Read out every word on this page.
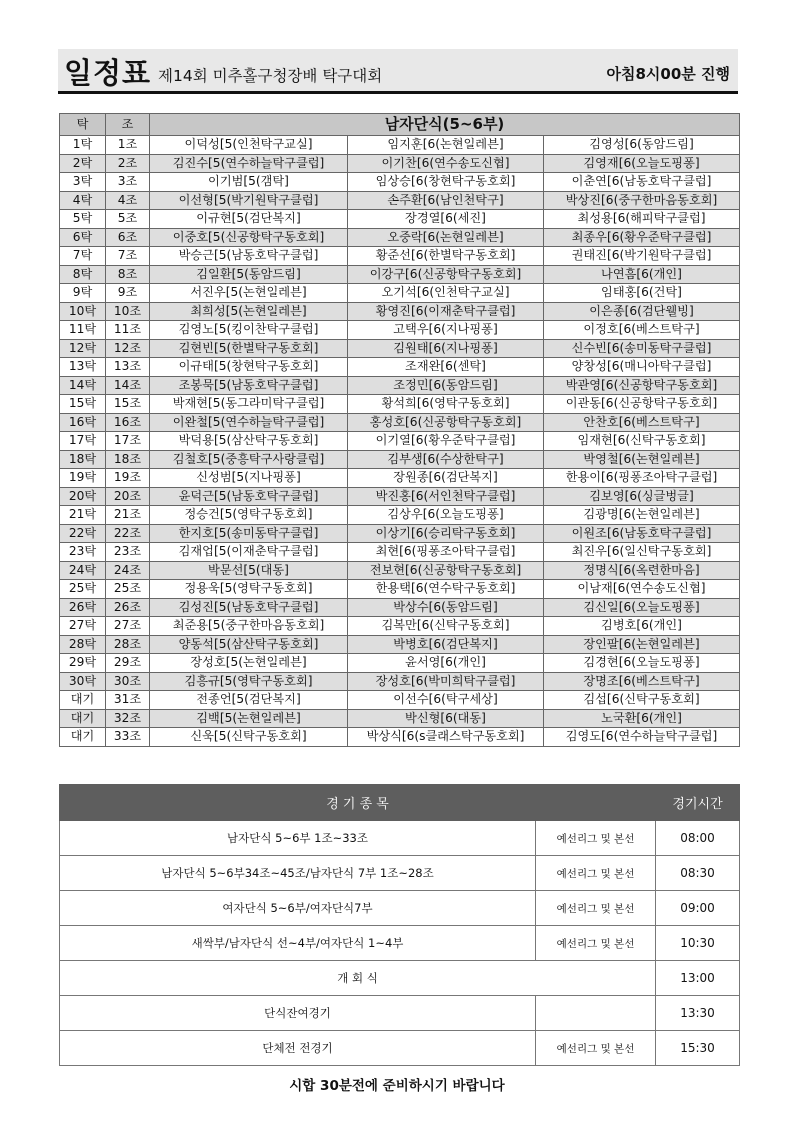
일정표 제14회 미추홀구청장배 탁구대회	아침8시00분 진행
탁	조	남자단식(5~6부)		
1탁	1조	이덕성[5(인천탁구교실]	임지훈[6(논현일레븐]	김영성[6(동암드림]
2탁	2조	김진수[5(연수하늘탁구클럽]	이기찬[6(연수송도신협]	김영재[6(오늘도핑퐁]
3탁	3조	이기범[5(갬탁]	임상승[6(창현탁구동호회]	이춘연[6(남동호탁구클럽]
4탁	4조	이선형[5(박기원탁구클럽]	손주환[6(남인천탁구]	박상진[6(중구한마음동호회]
5탁	5조	이규현[5(검단복지]	장경열[6(세진]	최성용[6(해피탁구클럽]
6탁	6조	이중호[5(신공항탁구동호회]	오중락[6(논현일레븐]	최종우[6(황우준탁구클럽]
7탁	7조	박승근[5(남동호탁구클럽]	황준선[6(한별탁구동호회]	권태진[6(박기원탁구클럽]
8탁	8조	김일환[5(동암드림]	이강구[6(신공항탁구동호회]	나연흠[6(개인]
9탁	9조	서진우[5(논현일레븐]	오기석[6(인천탁구교실]	임태홍[6(건탁]
10탁	10조	최희성[5(논현일레븐]	황영진[6(이재춘탁구클럽]	이은종[6(검단웰빙]
11탁	11조	김영노[5(킹이찬탁구클럽]	고택우[6(지나핑퐁]	이정호[6(베스트탁구]
12탁	12조	김현빈[5(한별탁구동호회]	김원태[6(지나핑퐁]	신수빈[6(송미동탁구클럽]
13탁	13조	이규태[5(창현탁구동호회]	조재완[6(센탁]	양창성[6(매니아탁구클럽]
14탁	14조	조봉묵[5(남동호탁구클럽]	조정민[6(동암드림]	박관영[6(신공항탁구동호회]
15탁	15조	박재현[5(동그라미탁구클럽]	황석희[6(영탁구동호회]	이관동[6(신공항탁구동호회]
16탁	16조	이완철[5(연수하늘탁구클럽]	홍성호[6(신공항탁구동호회]	안찬호[6(베스트탁구]
17탁	17조	박덕용[5(삼산탁구동호회]	이기열[6(황우준탁구클럽]	임재현[6(신탁구동호회]
18탁	18조	김철호[5(중흥탁구사랑클럽]	김부생[6(수상한탁구]	박영철[6(논현일레븐]
19탁	19조	신성범[5(지나핑퐁]	장원종[6(검단복지]	한용이[6(핑퐁조아탁구클럽]
20탁	20조	윤덕근[5(남동호탁구클럽]	박진홍[6(서인천탁구클럽]	김보영[6(싱글벙글]
21탁	21조	정승건[5(영탁구동호회]	김상우[6(오늘도핑퐁]	김광명[6(논현일레븐]
22탁	22조	한지호[5(송미동탁구클럽]	이상기[6(승리탁구동호회]	이원조[6(남동호탁구클럽]
23탁	23조	김재업[5(이재춘탁구클럽]	최현[6(핑퐁조아탁구클럽]	최진우[6(일신탁구동호회]
24탁	24조	박문선[5(대동]	전보현[6(신공항탁구동호회]	정명식[6(옥련한마음]
25탁	25조	정용욱[5(영탁구동호회]	한용택[6(연수탁구동호회]	이남재[6(연수송도신협]
26탁	26조	김성진[5(남동호탁구클럽]	박상수[6(동암드림]	김신일[6(오늘도핑퐁]
27탁	27조	최준용[5(중구한마음동호회]	김복만[6(신탁구동호회]	김병호[6(개인]
28탁	28조	양동석[5(삼산탁구동호회]	박병호[6(검단복지]	장인팔[6(논현일레븐]
29탁	29조	장성호[5(논현일레븐]	윤서영[6(개인]	김경현[6(오늘도핑퐁]
30탁	30조	김흥규[5(영탁구동호회]	장성호[6(박미희탁구클럽]	장명조[6(베스트탁구]
대기	31조	전종언[5(검단복지]	이선수[6(탁구세상]	김섭[6(신탁구동호회]
대기	32조	김백[5(논현일레븐]	박신형[6(대동]	노국환[6(개인]
대기	33조	신욱[5(신탁구동호회]	박상식[6(s클래스탁구동호회]	김영도[6(연수하늘탁구클럽]
경 기 종 목		경기시간
남자단식 5~6부 1조~33조	예선리그 및 본선	08:00
남자단식 5~6부34조~45조/남자단식 7부 1조~28조	예선리그 및 본선	08:30
여자단식 5~6부/여자단식7부	예선리그 및 본선	09:00
새싹부/남자단식 선~4부/여자단식 1~4부	예선리그 및 본선	10:30
개 회 식		13:00
단식잔여경기		13:30
단체전 전경기	예선리그 및 본선	15:30
시합 30분전에 준비하시기 바랍니다
